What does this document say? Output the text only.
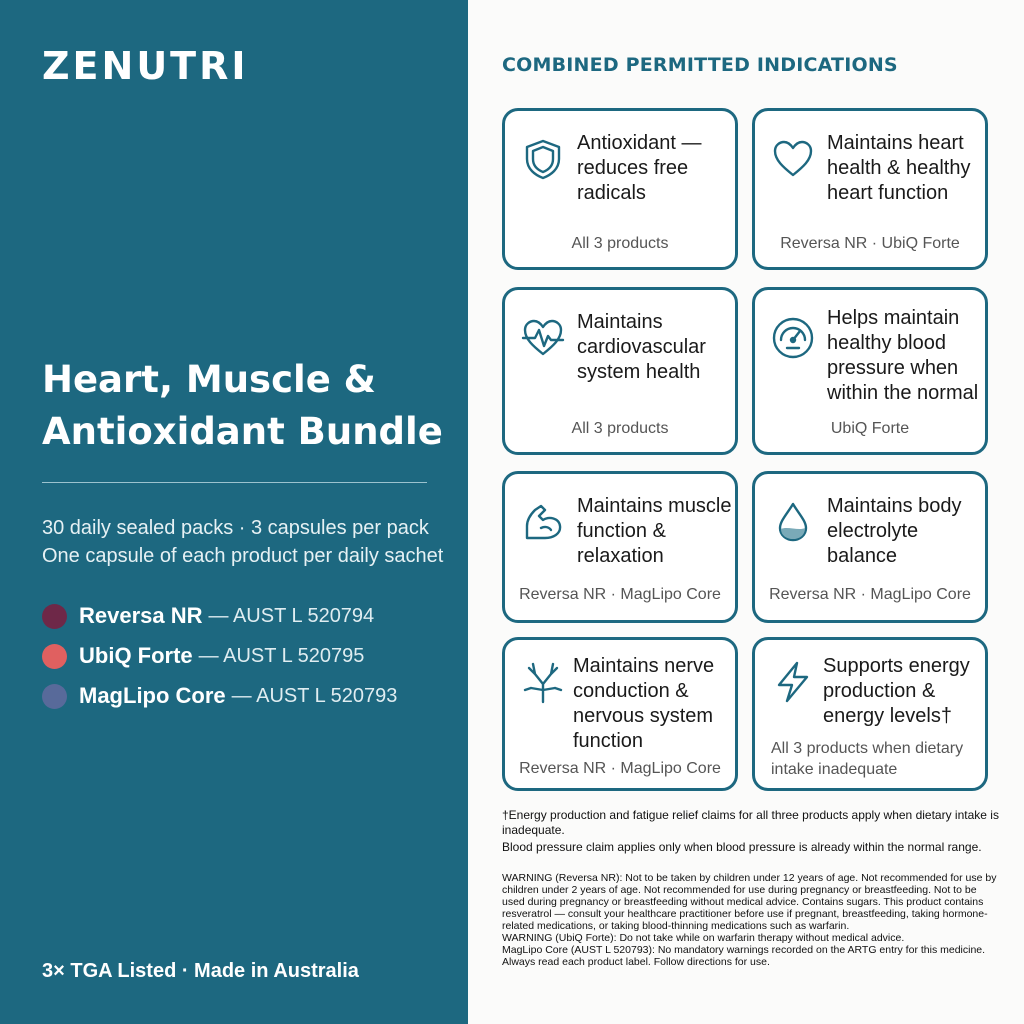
ZENUTRI
Heart, Muscle & Antioxidant Bundle
30 daily sealed packs · 3 capsules per pack
One capsule of each product per daily sachet
Reversa NR — AUST L 520794
UbiQ Forte — AUST L 520795
MagLipo Core — AUST L 520793
3× TGA Listed · Made in Australia
COMBINED PERMITTED INDICATIONS
Antioxidant — reduces free radicals
All 3 products
Maintains heart health & healthy heart function
Reversa NR · UbiQ Forte
Maintains cardiovascular system health
All 3 products
Helps maintain healthy blood pressure when within the normal
UbiQ Forte
Maintains muscle function & relaxation
Reversa NR · MagLipo Core
Maintains body electrolyte balance
Reversa NR · MagLipo Core
Maintains nerve conduction & nervous system function
Reversa NR · MagLipo Core
Supports energy production & energy levels†
All 3 products when dietary intake inadequate

†Energy production and fatigue relief claims for all three products apply when dietary intake is inadequate.

Blood pressure claim applies only when blood pressure is already within the normal range.

WARNING (Reversa NR): Not to be taken by children under 12 years of age. Not recommended for use by children under 2 years of age. Not recommended for use during pregnancy or breastfeeding. Not to be used during pregnancy or breastfeeding without medical advice. Contains sugars. This product contains resveratrol — consult your healthcare practitioner before use if pregnant, breastfeeding, taking hormone-related medications, or taking blood-thinning medications such as warfarin.
WARNING (UbiQ Forte): Do not take while on warfarin therapy without medical advice.
MagLipo Core (AUST L 520793): No mandatory warnings recorded on the ARTG entry for this medicine.
Always read each product label. Follow directions for use.
